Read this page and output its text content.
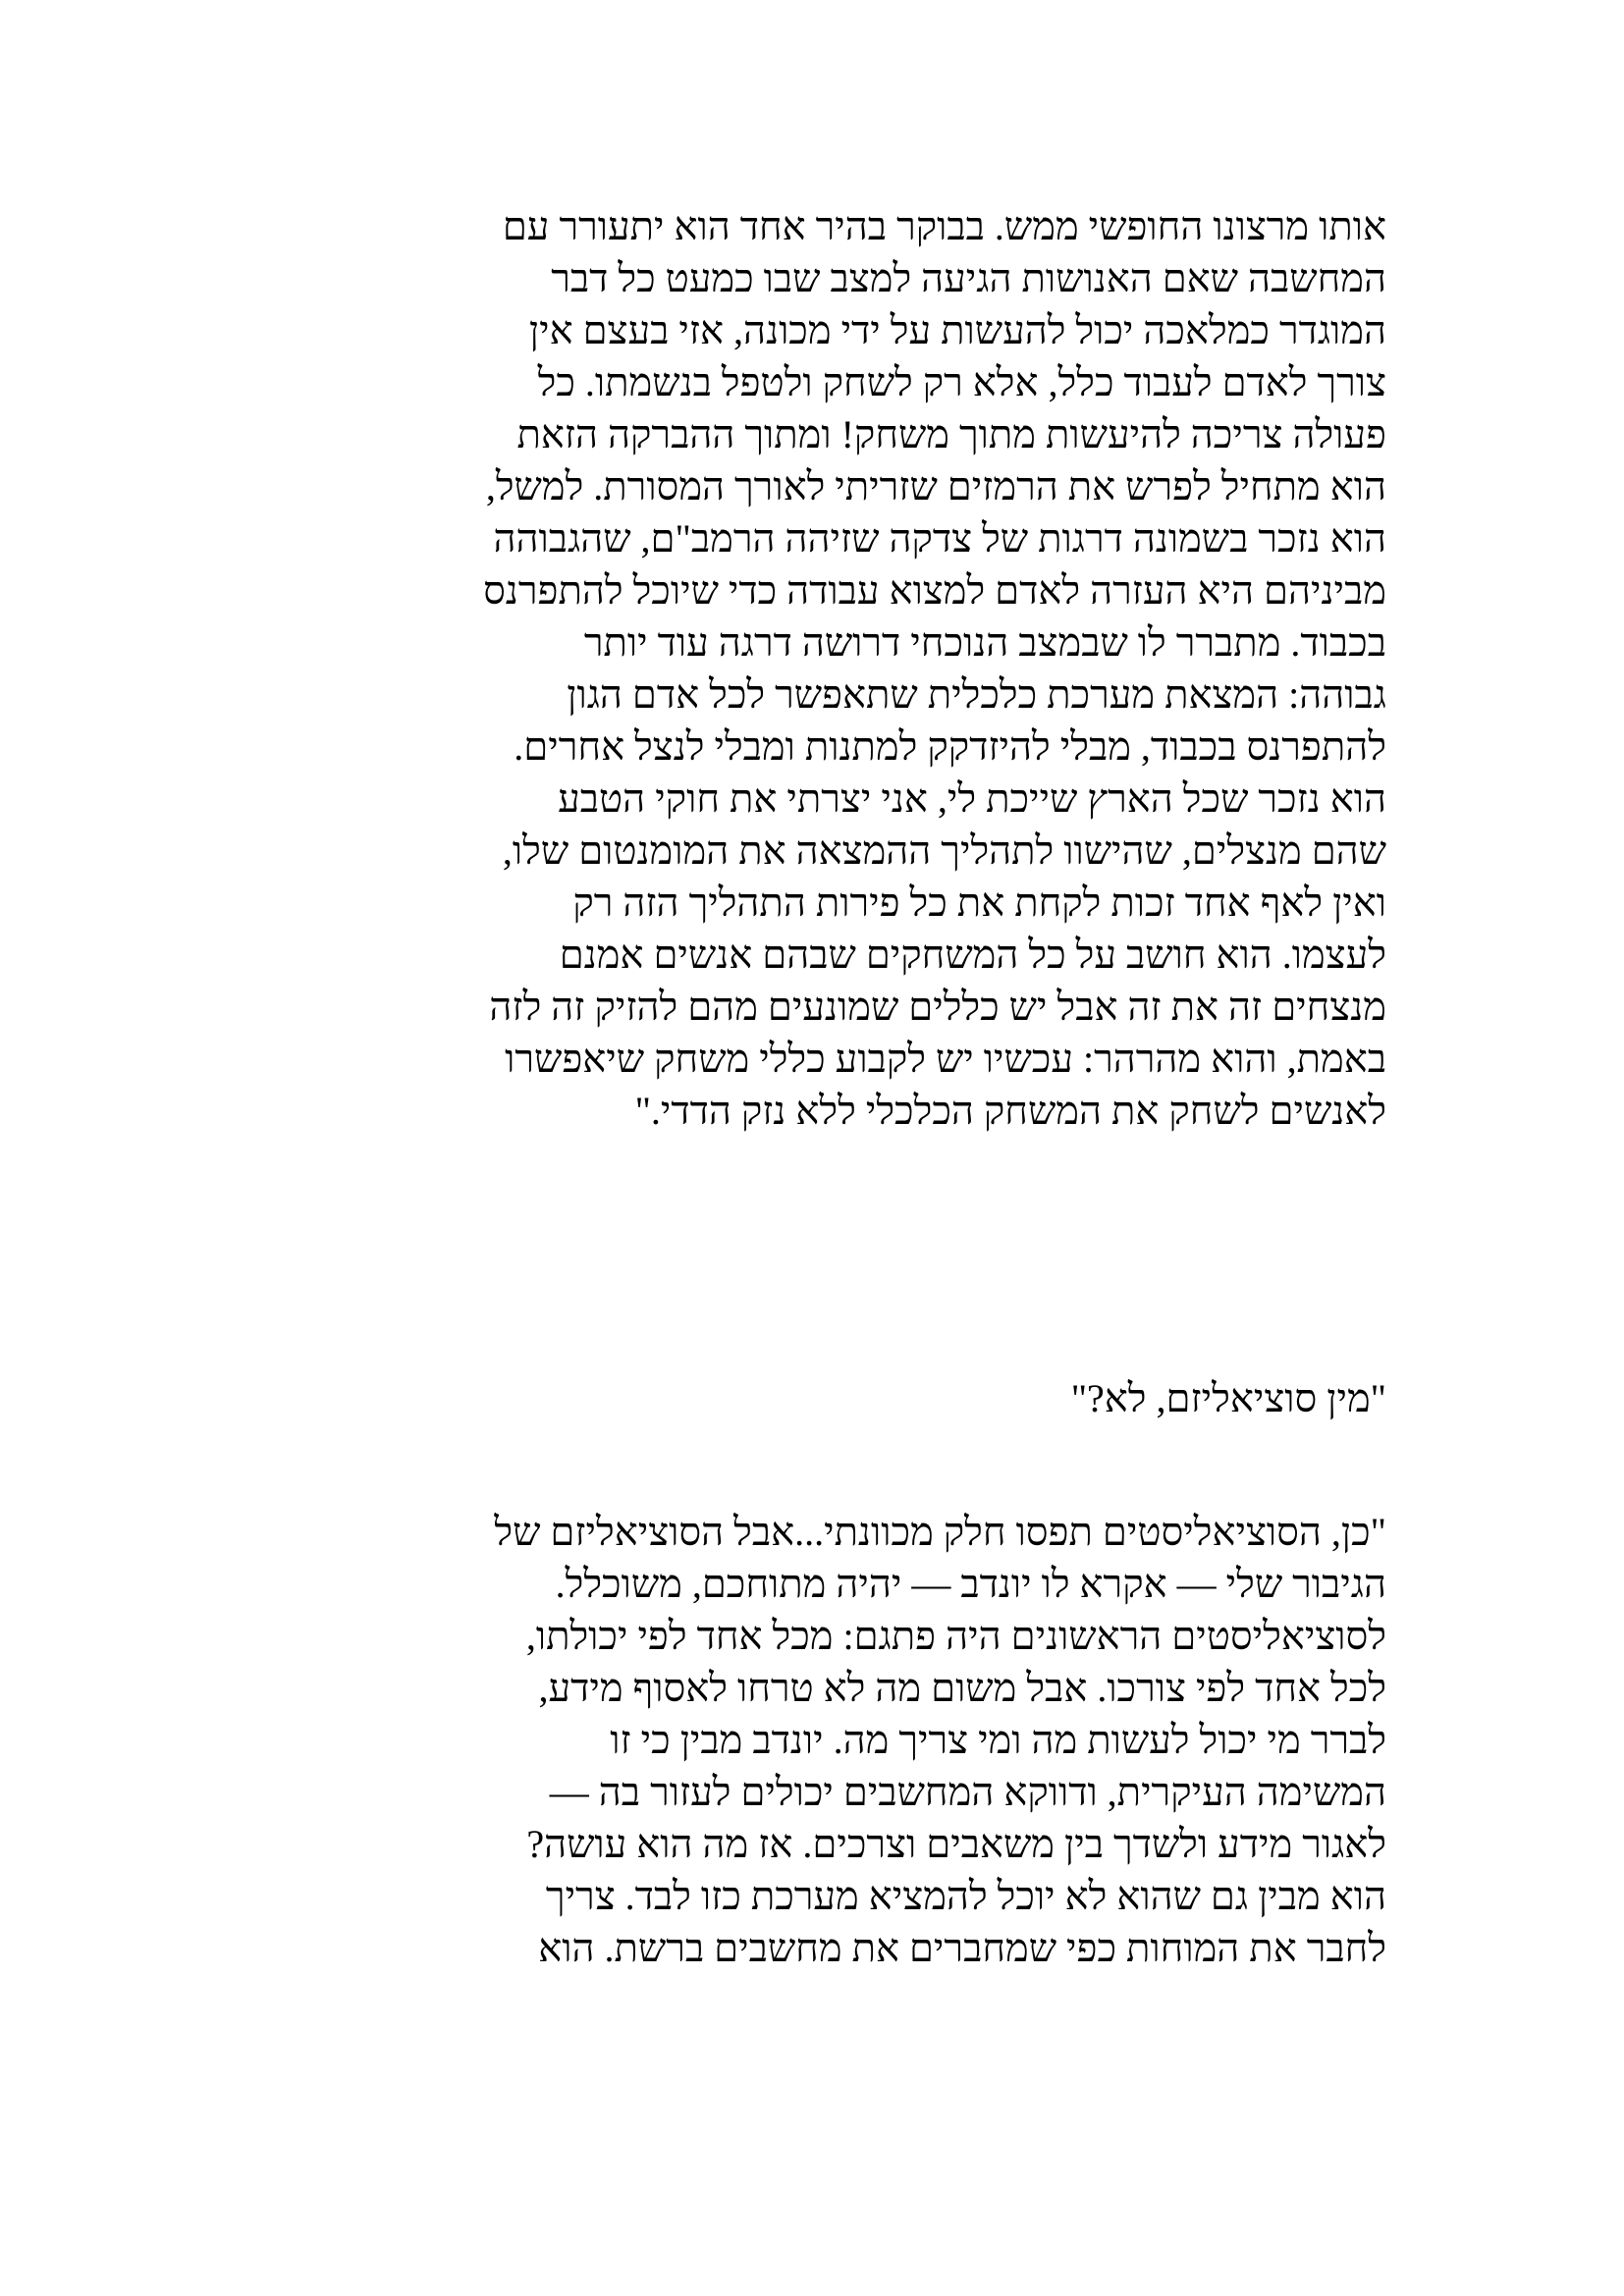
אותו מרצונו החופשי ממש. בבוקר בהיר אחד הוא יתעורר עם
המחשבה שאם האנושות הגיעה למצב שבו כמעט כל דבר
המוגדר כמלאכה יכול להעשות על ידי מכונה, אזי בעצם אין
צורך לאדם לעבוד כלל, אלא רק לשחק ולטפל בנשמתו. כל
פעולה צריכה להיעשות מתוך משחק! ומתוך ההברקה הזאת
הוא מתחיל לפרש את הרמזים שזריתי לאורך המסורת. למשל,
הוא נזכר בשמונה דרגות של צדקה שזיהה הרמב"ם, שהגבוהה
מביניהם היא העזרה לאדם למצוא עבודה כדי שיוכל להתפרנס
בכבוד. מתברר לו שבמצב הנוכחי דרושה דרגה עוד יותר
גבוהה: המצאת מערכת כלכלית שתאפשר לכל אדם הגון
להתפרנס בכבוד, מבלי להיזדקק למתנות ומבלי לנצל אחרים.
הוא נזכר שכל הארץ שייכת לי, אני יצרתי את חוקי הטבע
שהם מנצלים, שהישוו לתהליך ההמצאה את המומנטום שלו,
ואין לאף אחד זכות לקחת את כל פירות התהליך הזה רק
לעצמו. הוא חושב על כל המשחקים שבהם אנשים אמנם
מנצחים זה את זה אבל יש כללים שמונעים מהם להזיק זה לזה
באמת, והוא מהרהר: עכשיו יש לקבוע כללי משחק שיאפשרו
לאנשים לשחק את המשחק הכלכלי ללא נזק הדדי."
"מין סוציאליזם, לא?"
"כן, הסוציאליסטים תפסו חלק מכוונתי...אבל הסוציאליזם של
הגיבור שלי — אקרא לו יונדב — יהיה מתוחכם, משוכלל.
לסוציאליסטים הראשונים היה פתגם: מכל אחד לפי יכולתו,
לכל אחד לפי צורכו. אבל משום מה לא טרחו לאסוף מידע,
לברר מי יכול לעשות מה ומי צריך מה. יונדב מבין כי זו
המשימה העיקרית, ודווקא המחשבים יכולים לעזור בה —
לאגור מידע ולשדך בין משאבים וצרכים. אז מה הוא עושה?
הוא מבין גם שהוא לא יוכל להמציא מערכת כזו לבד. צריך
לחבר את המוחות כפי שמחברים את מחשבים ברשת. הוא
